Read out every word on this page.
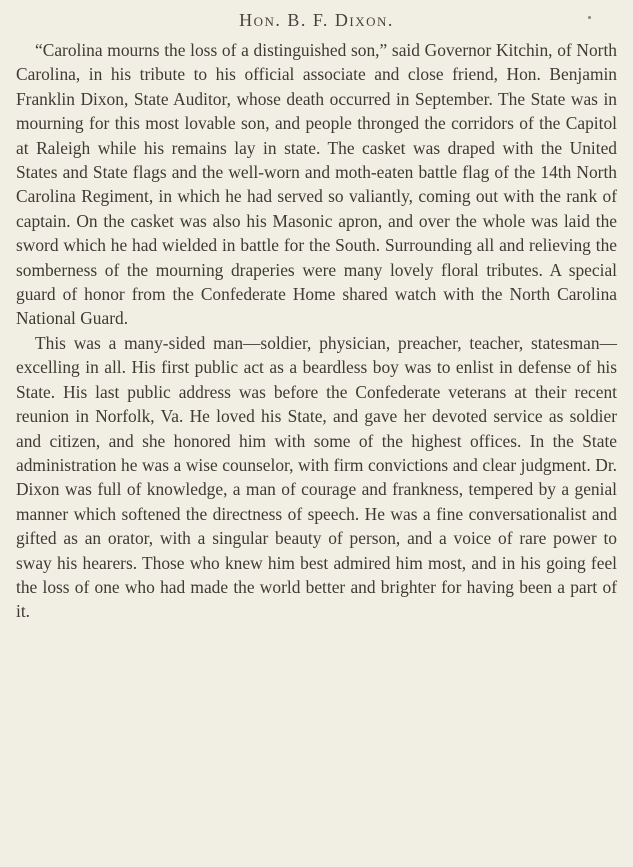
Hon. B. F. Dixon.

“Carolina mourns the loss of a distinguished son,” said Governor Kitchin, of North Carolina, in his tribute to his official associate and close friend, Hon. Benjamin Franklin Dixon, State Auditor, whose death occurred in September. The State was in mourning for this most lovable son, and people thronged the corridors of the Capitol at Raleigh while his remains lay in state. The casket was draped with the United States and State flags and the well-worn and moth-eaten battle flag of the 14th North Carolina Regiment, in which he had served so valiantly, coming out with the rank of captain. On the casket was also his Masonic apron, and over the whole was laid the sword which he had wielded in battle for the South. Surrounding all and relieving the somberness of the mourning draperies were many lovely floral tributes. A special guard of honor from the Confederate Home shared watch with the North Carolina National Guard.

This was a many-sided man—soldier, physician, preacher, teacher, statesman—excelling in all. His first public act as a beardless boy was to enlist in defense of his State. His last public address was before the Confederate veterans at their recent reunion in Norfolk, Va. He loved his State, and gave her devoted service as soldier and citizen, and she honored him with some of the highest offices. In the State administration he was a wise counselor, with firm convictions and clear judgment. Dr. Dixon was full of knowledge, a man of courage and frankness, tempered by a genial manner which softened the directness of speech. He was a fine conversationalist and gifted as an orator, with a singular beauty of person, and a voice of rare power to sway his hearers. Those who knew him best admired him most, and in his going feel the loss of one who had made the world better and brighter for having been a part of it.
